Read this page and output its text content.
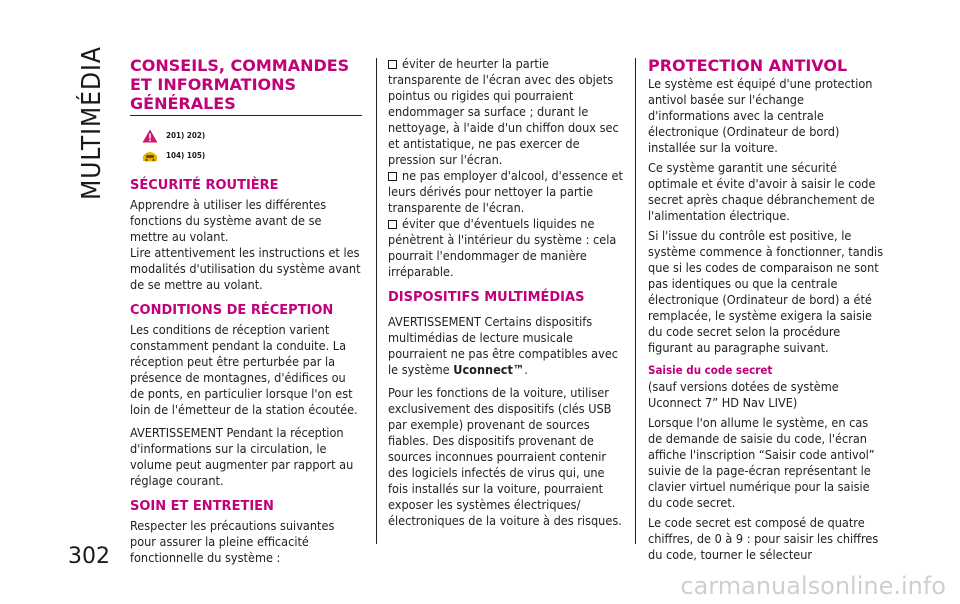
MULTIMÉDIA
302
CONSEILS, COMMANDES ET INFORMATIONS GÉNÉRALES
201) 202)
104) 105)
SÉCURITÉ ROUTIÈRE

Apprendre à utiliser les différentes fonctions du système avant de se mettre au volant.

Lire attentivement les instructions et les modalités d'utilisation du système avant de se mettre au volant.

CONDITIONS DE RÉCEPTION

Les conditions de réception varient constamment pendant la conduite. La réception peut être perturbée par la présence de montagnes, d'édifices ou de ponts, en particulier lorsque l'on est loin de l'émetteur de la station écoutée.

AVERTISSEMENT Pendant la réception d'informations sur la circulation, le volume peut augmenter par rapport au réglage courant.

SOIN ET ENTRETIEN

Respecter les précautions suivantes pour assurer la pleine efficacité fonctionnelle du système :

éviter de heurter la partie transparente de l'écran avec des objets pointus ou rigides qui pourraient endommager sa surface ; durant le nettoyage, à l'aide d'un chiffon doux sec et antistatique, ne pas exercer de pression sur l'écran.
ne pas employer d'alcool, d'essence et leurs dérivés pour nettoyer la partie transparente de l'écran.
éviter que d'éventuels liquides ne pénètrent à l'intérieur du système : cela pourrait l'endommager de manière irréparable.
DISPOSITIFS MULTIMÉDIAS

AVERTISSEMENT Certains dispositifs multimédias de lecture musicale pourraient ne pas être compatibles avec le système Uconnect™.

Pour les fonctions de la voiture, utiliser exclusivement des dispositifs (clés USB par exemple) provenant de sources fiables. Des dispositifs provenant de sources inconnues pourraient contenir des logiciels infectés de virus qui, une fois installés sur la voiture, pourraient exposer les systèmes électriques/électroniques de la voiture à des risques.

PROTECTION ANTIVOL

Le système est équipé d'une protection antivol basée sur l'échange d'informations avec la centrale électronique (Ordinateur de bord) installée sur la voiture.

Ce système garantit une sécurité optimale et évite d'avoir à saisir le code secret après chaque débranchement de l'alimentation électrique.

Si l'issue du contrôle est positive, le système commence à fonctionner, tandis que si les codes de comparaison ne sont pas identiques ou que la centrale électronique (Ordinateur de bord) a été remplacée, le système exigera la saisie du code secret selon la procédure figurant au paragraphe suivant.

Saisie du code secret

(sauf versions dotées de système Uconnect 7” HD Nav LIVE)

Lorsque l'on allume le système, en cas de demande de saisie du code, l'écran affiche l'inscription “Saisir code antivol” suivie de la page-écran représentant le clavier virtuel numérique pour la saisie du code secret.

Le code secret est composé de quatre chiffres, de 0 à 9 : pour saisir les chiffres du code, tourner le sélecteur

carmanualsonline.info
